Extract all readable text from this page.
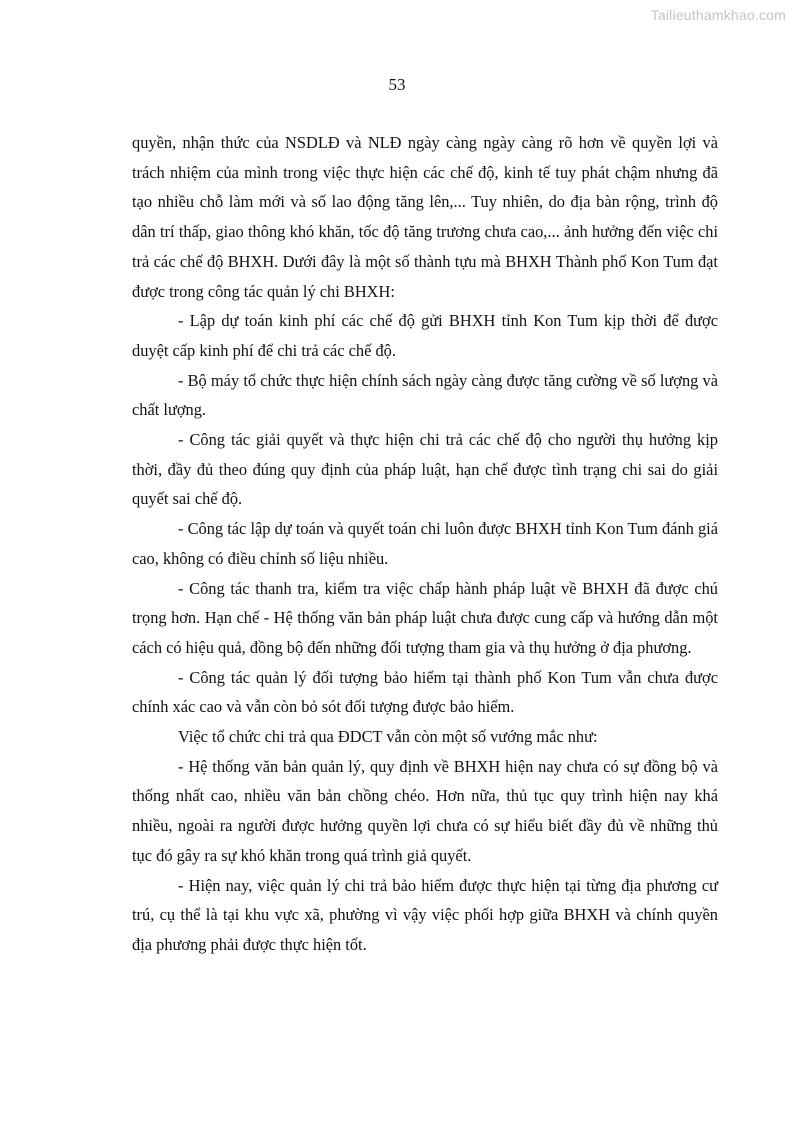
Tailieuthamkhao.com
53

quyền, nhận thức của NSDLĐ và NLĐ ngày càng ngày càng rõ hơn về quyền lợi và trách nhiệm của mình trong việc thực hiện các chế độ, kinh tế tuy phát chậm nhưng đã tạo nhiều chỗ làm mới và số lao động tăng lên,... Tuy nhiên, do địa bàn rộng, trình độ dân trí thấp, giao thông khó khăn, tốc độ tăng trương chưa cao,... ảnh hưởng đến việc chi trả các chế độ BHXH. Dưới đây là một số thành tựu mà BHXH Thành phố Kon Tum đạt được trong công tác quản lý chi BHXH:

- Lập dự toán kinh phí các chế độ gửi BHXH tỉnh Kon Tum kịp thời để được duyệt cấp kinh phí để chi trả các chế độ.

- Bộ máy tổ chức thực hiện chính sách ngày càng được tăng cường về số lượng và chất lượng.

- Công tác giải quyết và thực hiện chi trả các chế độ cho người thụ hưởng kịp thời, đầy đủ theo đúng quy định của pháp luật, hạn chế được tình trạng chi sai do giải quyết sai chế độ.

- Công tác lập dự toán và quyết toán chi luôn được BHXH tỉnh Kon Tum đánh giá cao, không có điều chỉnh số liệu nhiều.

- Công tác thanh tra, kiểm tra việc chấp hành pháp luật về BHXH đã được chú trọng hơn. Hạn chế - Hệ thống văn bản pháp luật chưa được cung cấp và hướng dẫn một cách có hiệu quả, đồng bộ đến những đối tượng tham gia và thụ hưởng ở địa phương.

- Công tác quản lý đối tượng bảo hiểm tại thành phố Kon Tum vẫn chưa được chính xác cao và vẫn còn bỏ sót đối tượng được bảo hiểm.

Việc tổ chức chi trả qua ĐDCT vẫn còn một số vướng mắc như:

- Hệ thống văn bản quản lý, quy định về BHXH hiện nay chưa có sự đồng bộ và thống nhất cao, nhiều văn bản chồng chéo. Hơn nữa, thủ tục quy trình hiện nay khá nhiều, ngoài ra người được hưởng quyền lợi chưa có sự hiểu biết đầy đủ về những thủ tục đó gây ra sự khó khăn trong quá trình giả quyết.

- Hiện nay, việc quản lý chi trả bảo hiểm được thực hiện tại từng địa phương cư trú, cụ thể là tại khu vực xã, phường vì vậy việc phối hợp giữa BHXH và chính quyền địa phương phải được thực hiện tốt.
